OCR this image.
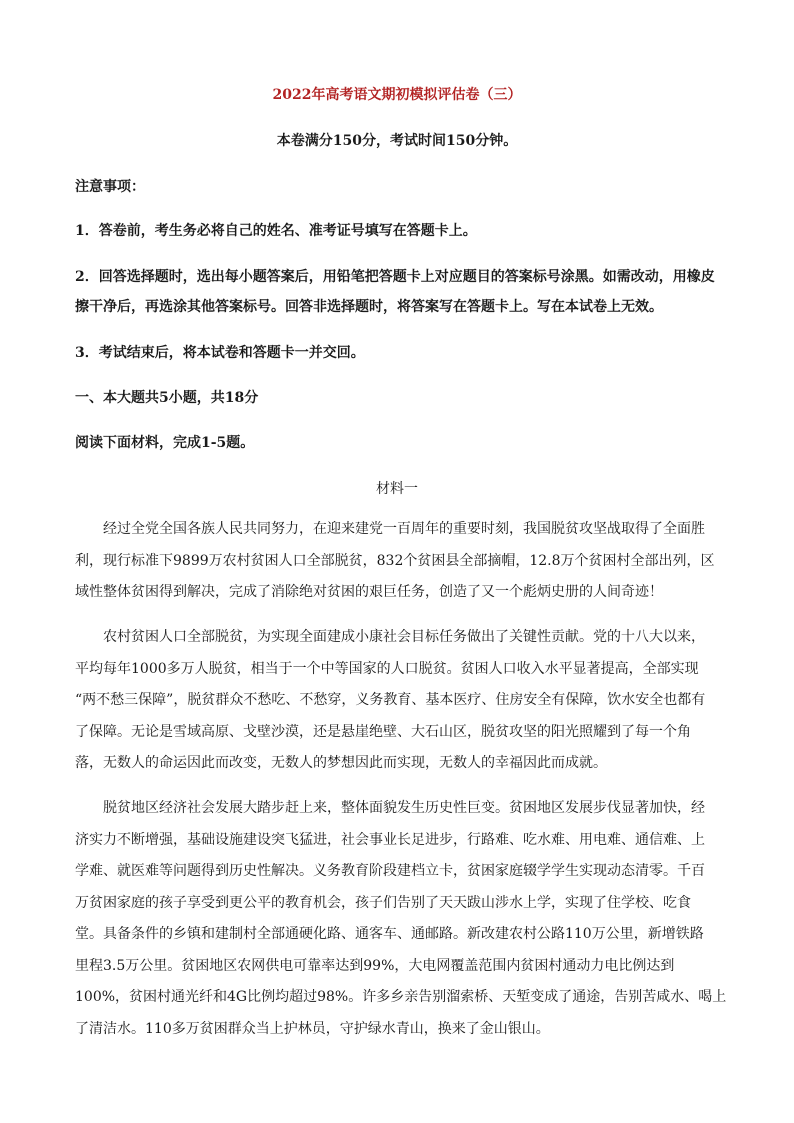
2022年高考语文期初模拟评估卷（三）
本卷满分150分，考试时间150分钟。
注意事项：
1．答卷前，考生务必将自己的姓名、准考证号填写在答题卡上。
2．回答选择题时，选出每小题答案后，用铅笔把答题卡上对应题目的答案标号涂黑。如需改动，用橡皮
擦干净后，再选涂其他答案标号。回答非选择题时，将答案写在答题卡上。写在本试卷上无效。
3．考试结束后，将本试卷和答题卡一并交回。
一、本大题共5小题，共18分
阅读下面材料，完成1-5题。
材料一
经过全党全国各族人民共同努力，在迎来建党一百周年的重要时刻，我国脱贫攻坚战取得了全面胜
利，现行标准下9899万农村贫困人口全部脱贫，832个贫困县全部摘帽，12.8万个贫困村全部出列，区
域性整体贫困得到解决，完成了消除绝对贫困的艰巨任务，创造了又一个彪炳史册的人间奇迹！
农村贫困人口全部脱贫，为实现全面建成小康社会目标任务做出了关键性贡献。党的十八大以来，
平均每年1000多万人脱贫，相当于一个中等国家的人口脱贫。贫困人口收入水平显著提高，全部实现
“两不愁三保障”，脱贫群众不愁吃、不愁穿，义务教育、基本医疗、住房安全有保障，饮水安全也都有
了保障。无论是雪域高原、戈壁沙漠，还是悬崖绝壁、大石山区，脱贫攻坚的阳光照耀到了每一个角
落，无数人的命运因此而改变，无数人的梦想因此而实现，无数人的幸福因此而成就。
脱贫地区经济社会发展大踏步赶上来，整体面貌发生历史性巨变。贫困地区发展步伐显著加快，经
济实力不断增强，基础设施建设突飞猛进，社会事业长足进步，行路难、吃水难、用电难、通信难、上
学难、就医难等问题得到历史性解决。义务教育阶段建档立卡，贫困家庭辍学学生实现动态清零。千百
万贫困家庭的孩子享受到更公平的教育机会，孩子们告别了天天跋山涉水上学，实现了住学校、吃食
堂。具备条件的乡镇和建制村全部通硬化路、通客车、通邮路。新改建农村公路110万公里，新增铁路
里程3.5万公里。贫困地区农网供电可靠率达到99%，大电网覆盖范围内贫困村通动力电比例达到
100%，贫困村通光纤和4G比例均超过98%。许多乡亲告别溜索桥、天堑变成了通途，告别苦咸水、喝上
了清洁水。110多万贫困群众当上护林员，守护绿水青山，换来了金山银山。
